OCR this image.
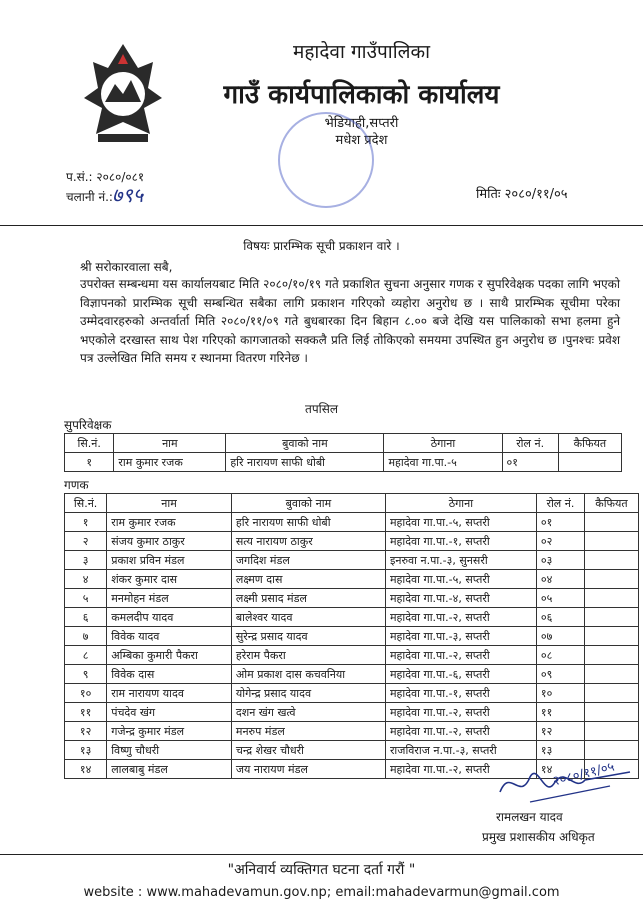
महादेवा गाउँपालिका
गाउँ कार्यपालिकाको कार्यालय
भेडियाही,सप्तरी
मधेश प्रदेश
प.सं.: २०८०/०८१
चलानी नं.: ७९५	मितिः २०८०/११/०५
विषयः प्रारम्भिक सूची प्रकाशन वारे ।
श्री सरोकारवाला सबै,
उपरोक्त सम्बन्धमा यस कार्यालयबाट मिति २०८०/१०/१९ गते प्रकाशित सुचना अनुसार गणक र सुपरिवेक्षक पदका लागि भएको विज्ञापनको प्रारम्भिक सूची सम्बन्धित सबैका लागि प्रकाशन गरिएको व्यहोरा अनुरोध छ । साथै प्रारम्भिक सूचीमा परेका उम्मेदवारहरुको अन्तर्वार्ता मिति २०८०/११/०९ गते बुधबारका दिन बिहान ८.०० बजे देखि यस पालिकाको सभा हलमा हुने भएकोले दरखास्त साथ पेश गरिएको कागजातको सक्कलै प्रति लिई तोकिएको समयमा उपस्थित हुन अनुरोध छ ।पुनश्चः प्रवेश पत्र उल्लेखित मिति समय र स्थानमा वितरण गरिनेछ ।
तपसिल
सुपरिवेक्षक
सि.नं.	नाम	बुवाको नाम	ठेगाना	रोल नं.	कैफियत
१	राम कुमार रजक	हरि नारायण साफी धोबी	महादेवा गा.पा.-५	०१	
गणक
सि.नं.	नाम	बुवाको नाम	ठेगाना	रोल नं.	कैफियत
१	राम कुमार रजक	हरि नारायण साफी धोबी	महादेवा गा.पा.-५, सप्तरी	०१	
२	संजय कुमार ठाकुर	सत्य नारायण ठाकुर	महादेवा गा.पा.-१, सप्तरी	०२	
३	प्रकाश प्रविन मंडल	जगदिश मंडल	इनरुवा न.पा.-३, सुनसरी	०३	
४	शंकर कुमार दास	लक्ष्मण दास	महादेवा गा.पा.-५, सप्तरी	०४	
५	मनमोहन मंडल	लक्ष्मी प्रसाद मंडल	महादेवा गा.पा.-४, सप्तरी	०५	
६	कमलदीप यादव	बालेश्वर यादव	महादेवा गा.पा.-२, सप्तरी	०६	
७	विवेक यादव	सुरेन्द्र प्रसाद यादव	महादेवा गा.पा.-३, सप्तरी	०७	
८	अम्बिका कुमारी पैकरा	हरेराम पैकरा	महादेवा गा.पा.-२, सप्तरी	०८	
९	विवेक दास	ओम प्रकाश दास कचवनिया	महादेवा गा.पा.-६, सप्तरी	०९	
१०	राम नारायण यादव	योगेन्द्र प्रसाद यादव	महादेवा गा.पा.-१, सप्तरी	१०	
११	पंचदेव खंग	दशन खंग खत्वे	महादेवा गा.पा.-२, सप्तरी	११	
१२	गजेन्द्र कुमार मंडल	मनरुप मंडल	महादेवा गा.पा.-२, सप्तरी	१२	
१३	विष्णु चौधरी	चन्द्र शेखर चौधरी	राजविराज न.पा.-३, सप्तरी	१३	
१४	लालबाबु मंडल	जय नारायण मंडल	महादेवा गा.पा.-२, सप्तरी	१४	२०८०/११/०५
रामलखन यादव
प्रमुख प्रशासकीय अधिकृत
"अनिवार्य व्यक्तिगत घटना दर्ता गरौं "
website : www.mahadevamun.gov.np; email:mahadevarmun@gmail.com
